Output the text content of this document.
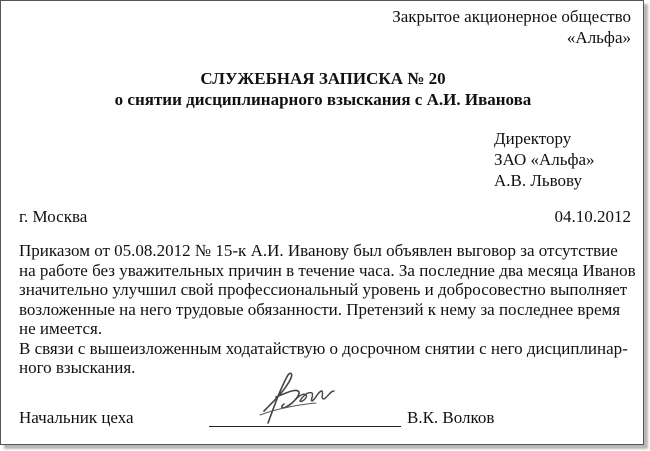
Закрытое акционерное общество
«Альфа»
СЛУЖЕБНАЯ ЗАПИСКА № 20
о снятии дисциплинарного взыскания с А.И. Иванова
Директору
ЗАО «Альфа»
А.В. Львову
г. Москва	04.10.2012

Приказом от 05.08.2012 № 15-к А.И. Иванову был объявлен выговор за отсутствие

на работе без уважительных причин в течение часа. За последние два месяца Иванов

значительно улучшил свой профессиональный уровень и добросовестно выполняет

возложенные на него трудовые обязанности. Претензий к нему за последнее время

не имеется.

В связи с вышеизложенным ходатайствую о досрочном снятии с него дисциплинар-

ного взыскания.

Начальник цеха	В.К. Волков
